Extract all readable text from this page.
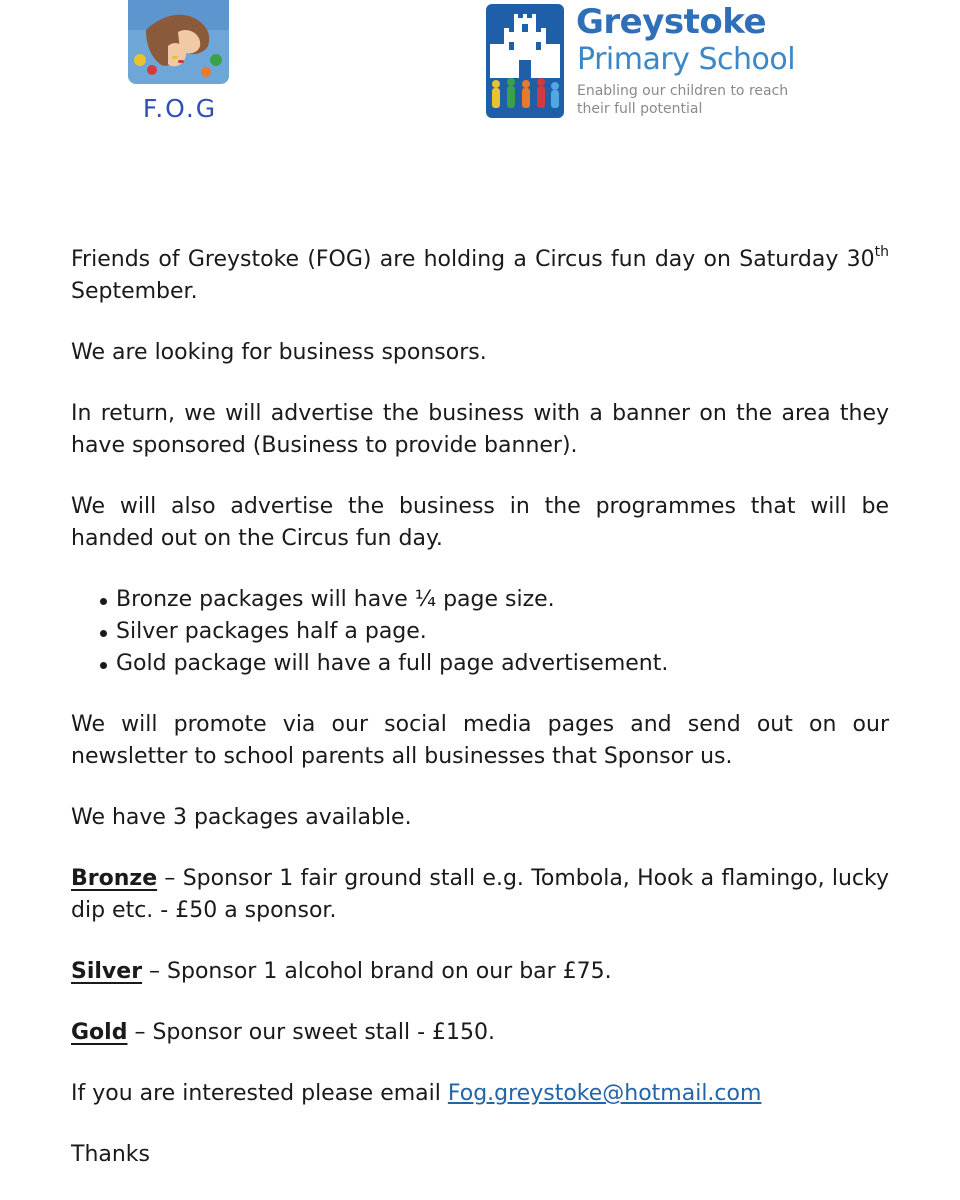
F.O.G
Greystoke
Primary School
Enabling our children to reach their full potential

Friends of Greystoke (FOG) are holding a Circus fun day on Saturday 30th September.

We are looking for business sponsors.

In return, we will advertise the business with a banner on the area they have sponsored (Business to provide banner).

We will also advertise the business in the programmes that will be handed out on the Circus fun day.

Bronze packages will have ¼ page size.
Silver packages half a page.
Gold package will have a full page advertisement.

We will promote via our social media pages and send out on our newsletter to school parents all businesses that Sponsor us.

We have 3 packages available.

Bronze – Sponsor 1 fair ground stall e.g. Tombola, Hook a flamingo, lucky dip etc. - £50 a sponsor.

Silver – Sponsor 1 alcohol brand on our bar £75.

Gold – Sponsor our sweet stall - £150.

If you are interested please email Fog.greystoke@hotmail.com

Thanks
